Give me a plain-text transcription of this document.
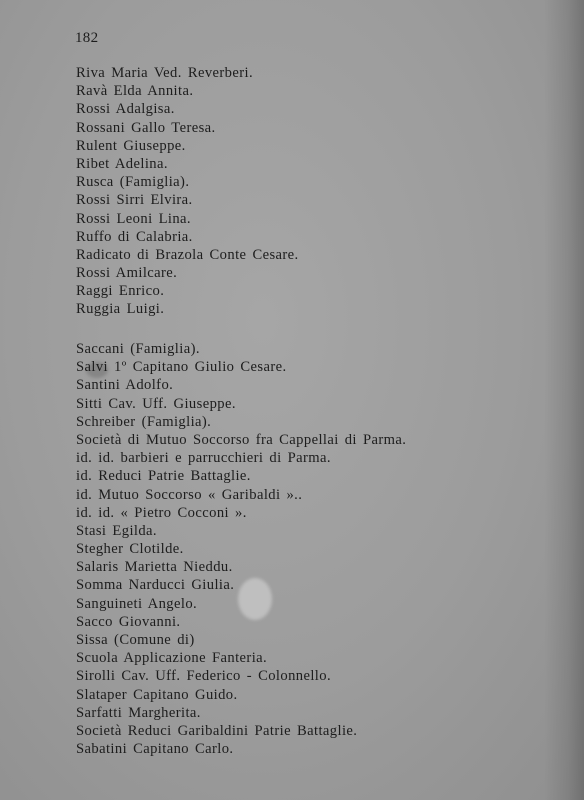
182
Riva Maria Ved. Reverberi.
Ravà Elda Annita.
Rossi Adalgisa.
Rossani Gallo Teresa.
Rulent Giuseppe.
Ribet Adelina.
Rusca (Famiglia).
Rossi Sirri Elvira.
Rossi Leoni Lina.
Ruffo di Calabria.
Radicato di Brazola Conte Cesare.
Rossi Amilcare.
Raggi Enrico.
Ruggia Luigi.
Saccani (Famiglia).
Salvi 1º Capitano Giulio Cesare.
Santini Adolfo.
Sitti Cav. Uff. Giuseppe.
Schreiber (Famiglia).
Società di Mutuo Soccorso fra Cappellai di Parma.
id. id. barbieri e parrucchieri di Parma.
id. Reduci Patrie Battaglie.
id. Mutuo Soccorso « Garibaldi »..
id. id. « Pietro Cocconi ».
Stasi Egilda.
Stegher Clotilde.
Salaris Marietta Nieddu.
Somma Narducci Giulia.
Sanguineti Angelo.
Sacco Giovanni.
Sissa (Comune di)
Scuola Applicazione Fanteria.
Sirolli Cav. Uff. Federico - Colonnello.
Slataper Capitano Guido.
Sarfatti Margherita.
Società Reduci Garibaldini Patrie Battaglie.
Sabatini Capitano Carlo.
